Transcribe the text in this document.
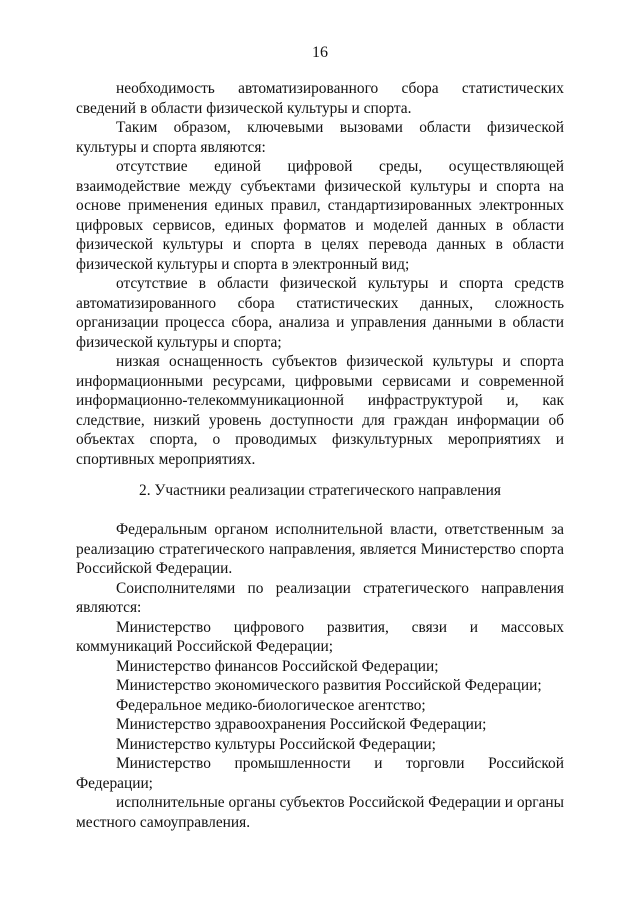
16

необходимость автоматизированного сбора статистических сведений в области физической культуры и спорта.

Таким образом, ключевыми вызовами области физической культуры и спорта являются:

отсутствие единой цифровой среды, осуществляющей взаимодействие между субъектами физической культуры и спорта на основе применения единых правил, стандартизированных электронных цифровых сервисов, единых форматов и моделей данных в области физической культуры и спорта в целях перевода данных в области физической культуры и спорта в электронный вид;

отсутствие в области физической культуры и спорта средств автоматизированного сбора статистических данных, сложность организации процесса сбора, анализа и управления данными в области физической культуры и спорта;

низкая оснащенность субъектов физической культуры и спорта информационными ресурсами, цифровыми сервисами и современной информационно-телекоммуникационной инфраструктурой и, как следствие, низкий уровень доступности для граждан информации об объектах спорта, о проводимых физкультурных мероприятиях и спортивных мероприятиях.

2. Участники реализации стратегического направления

Федеральным органом исполнительной власти, ответственным за реализацию стратегического направления, является Министерство спорта Российской Федерации.

Соисполнителями по реализации стратегического направления являются:

Министерство цифрового развития, связи и массовых коммуникаций Российской Федерации;

Министерство финансов Российской Федерации;

Министерство экономического развития Российской Федерации;

Федеральное медико-биологическое агентство;

Министерство здравоохранения Российской Федерации;

Министерство культуры Российской Федерации;

Министерство промышленности и торговли Российской Федерации;

исполнительные органы субъектов Российской Федерации и органы местного самоуправления.
